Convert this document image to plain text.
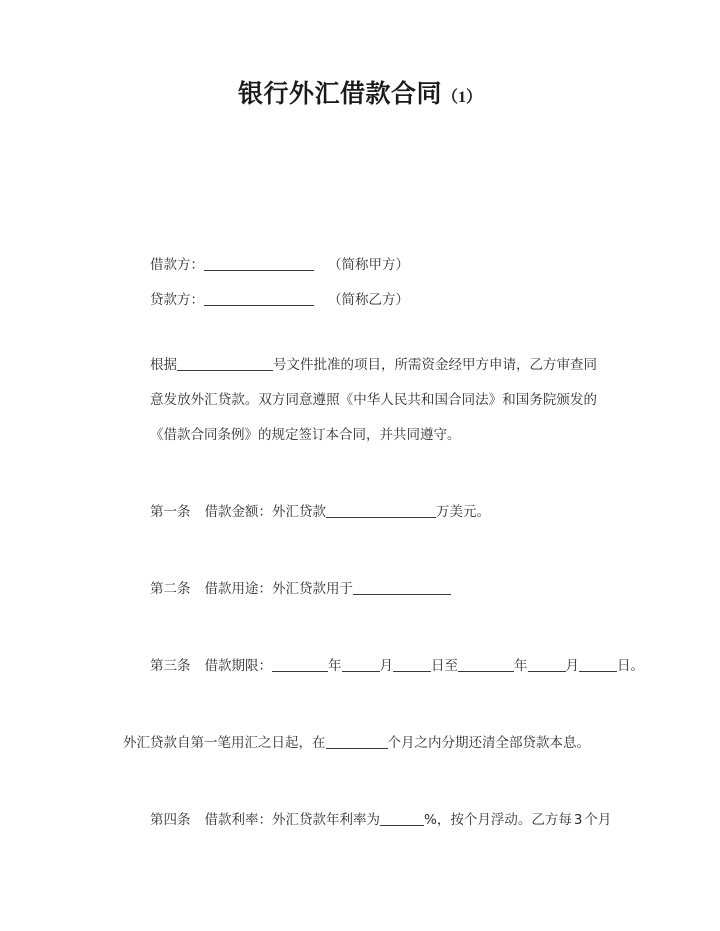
银行外汇借款合同（1）
借款方：	（简称甲方）
贷款方：	（简称乙方）
根据	号文件批准的项目，所需资金经甲方申请，乙方审查同意发放外汇贷款。双方同意遵照《中华人民共和国合同法》和国务院颁发的《借款合同条例》的规定签订本合同，并共同遵守。
第一条 借款金额：外汇贷款	万美元。
第二条 借款用途：外汇贷款用于
第三条 借款期限：	年	月	日至	年	月	日。
外汇贷款自第一笔用汇之日起，在	个月之内分期还清全部贷款本息。
第四条 借款利率：外汇贷款年利率为	%，按个月浮动。乙方每 3 个月
